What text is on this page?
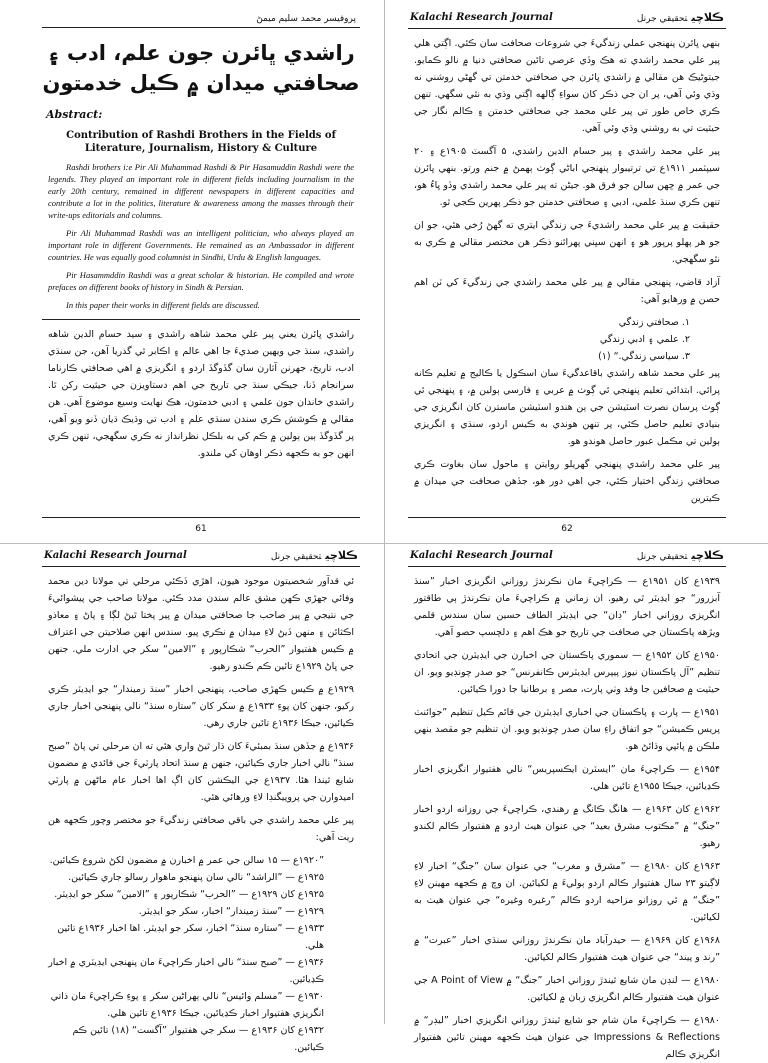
پروفيسر محمد سليم ميمڻ
راشدي ڀائرن جون علم، ادب ۽ صحافتي ميدان ۾ ڪيل خدمتون
Abstract:
Contribution of Rashdi Brothers in the Fields of Literature, Journalism, History & Culture
Rashdi brothers i:e Pir Ali Muhammad Rashdi & Pir Hasamuddin Rashdi were the legends. They played an important role in different fields including journalism in the early 20th century, remained in different newspapers in different capacities and contribute a lot in the politics, literature & awareness among the masses through their write-ups editorials and columns.
Pir Ali Muhammad Rashdi was an intelligent politician, who always played an important role in different Governments. He remained as an Ambassador in different countries. He was equally good columnist in Sindhi, Urdu & English languages.
Pir Hasammddin Rashdi was a great scholar & historian. He compiled and wrote prefaces on different books of history in Sindh & Persian.
In this paper their works in different fields are discussed.

راشدي ڀائرن يعني پير علي محمد شاهه راشدي ۽ سيد حسام الدين شاهه راشدي، سنڌ جي ويهين صديءَ جا اهي عالم ۽ اڪابر ٿي گذريا آهن، جن سنڌي ادب، تاريخ، جهرنن آثارن سان گڏوگڏ اردو ۽ انگريزي ۾ اهي صحافتي ڪارناما سرانجام ڏنا، جيڪي سنڌ جي تاريخ جي اهم دستاويزن جي حيثيت رکن ٿا. راشدي خاندان جون علمي ۽ ادبي خدمتون، هڪ نهايت وسيع موضوع آهي. هن مقالي ۾ ڪوشش ڪري سندن سنڌي علم ۽ ادب تي وڌيڪ ڌيان ڏنو ويو آهي، پر گڏوگڏ ٻين ٻولين ۾ ڪم کي به بلڪل نظرانداز نه ڪري سگهجي، تنهن ڪري انهن جو به ڪجهه ذڪر اوهان کي ملندو.

61
Kalachi Research Journal	ڪلاچيتحقيقي جرنل

بنهي ڀائرن پنهنجي عملي زندگيءَ جي شروعات صحافت سان ڪئي. اڳتي هلي پير علي محمد راشدي ته هڪ وڏي عرصي تائين صحافتي دنيا ۾ نالو ڪمايو. جيتوڻيڪ هن مقالي ۾ راشدي ڀائرن جي صحافتي خدمتن تي گهڻي روشني نه وڌي وئي آهي، پر ان جي ذڪر کان سواءِ ڳالهه اڳتي وڌي به نٿي سگهي. تنهن ڪري خاص طور تي پير علي محمد جي صحافتي خدمتن ۽ ڪالم نگار جي حيثيت تي به روشني وڌي وئي آهي.

پير علي محمد راشدي ۽ پير حسام الدين راشدي، ۵ آگسٽ ۱۹۰۵ع ۽ ۲۰ سيپٽمبر ۱۹۱۱ع تي ترتيبوار پنهنجي اباڻي ڳوٺ ٻهمڻ ۾ جنم ورتو. بنهي ڀائرن جي عمر ۾ ڇهن سالن جو فرق هو. جيڻن ته پير علي محمد راشدي وڏو ڀاءُ هو، تنهن ڪري سنڌ علمي، ادبي ۽ صحافتي خدمتن جو ذڪر پهرين ڪجي ٿو.

حقيقت ۾ پير علي محمد راشديءَ جي زندگي ايتري ته گهڻ رُخي هئي، جو ان جو هر پهلو پرپور هو ۽ انهن سڀني پهرائنو ذڪر هن مختصر مقالي ۾ ڪري به نٿو سگهجي.

آزاد قاضي، پنهنجي مقالي ۾ پير علي محمد راشدي جي زندگيءَ کي ٽن اهم حصن ۾ ورهايو آهي:

۱. صحافتي زندگي

۲. علمي ۽ ادبي زندگي

۳. سياسي زندگي.“ (۱)

پير علي محمد شاهه راشدي باقاعدگيءَ سان اسڪول يا ڪاليج ۾ تعليم ڪانه پرائي. ابتدائي تعليم پنهنجي ئي ڳوٺ ۾ عربي ۽ فارسي ٻولين ۾، ۽ پنهنجي ئي ڳوٺ پرسان نصرت اسٽيشن جي ٻن هندو اسٽيشن ماسترن کان انگريزي جي بنيادي تعليم حاصل ڪئي، پر تنهن هوندي به ڪيس اردو، سنڌي ۽ انگريزي ٻولين تي مڪمل عبور حاصل هوندو هو.

پير علي محمد راشدي پنهنجي گهريلو روايتن ۽ ماحول سان بغاوت ڪري صحافتي زندگي اختيار ڪئي، جي اهي دور هو، جڏهن صحافت جي ميدان ۾ ڪيترين

62
Kalachi Research Journal	ڪلاچيتحقيقي جرنل

ئي قدآور شخصيتون موجود هيون، اهڙي ڏڪئي مرحلي تي مولانا دين محمد وفائي جهڙي ڪهن مشق عالم سندن مدد ڪئي. مولانا صاحب جي پيشوائيءَ جي نتيجي ۾ پير صاحب جا صحافتي ميدان ۾ پير پختا ٿيڻ لڳا ۽ پاڻ ۽ معاذو اڪثائن ۽ منهن ڏيڻ لاءِ ميدان ۾ نڪري پيو. سندس انهن صلاحيتن جي اعتراف ۾ ڪيس هفتيوار ”الحرب“ شڪارپور ۽ ”الامين“ سکر جي ادارت ملي. جنهن جي ڀاڻ ۱۹۲۹ع تائين ڪم ڪندو رهيو.

۱۹۲۹ع ۾ ڪيس ڪهڙي صاحب، پنهنجي اخبار ”سنڌ زميندار“ جو ايڊيٽر ڪري رکيو، جنهن کان پوءِ ۱۹۳۳ع ۾ سکر کان ”ستاره سنڌ“ نالي پنهنجي اخبار جاري ڪيائين، جيڪا ۱۹۳۶ع تائين جاري رهي.

۱۹۳۶ع ۾ جڏهن سنڌ بمبئيءَ کان ڌار ٿيڻ واري هئي ته ان مرحلي تي پاڻ ”صبح سنڌ“ نالي اخبار جاري ڪيائين، جنهن ۾ سنڌ اتحاد پارٽيءَ جي فائدي ۾ مضمون شايع ٿيندا هئا. ۱۹۳۷ع جي اليڪشن کان اڳ اها اخبار عام ماڻهن ۾ پارٽي اميدوارن جي پروپيگنڊا لاءِ ورهائي هئي.

پير علي محمد راشدي جي باقي صحافتي زندگيءَ جو مختصر وچور ڪجهه هن ريت آهي:

”۱۹۲۰ع — ۱۵ سالن جي عمر ۾ اخبارن ۾ مضمون لکڻ شروع ڪيائين.

۱۹۲۵ع — ”الراشد“ نالي سان پنهنجو ماهوار رسالو جاري ڪيائين.

۱۹۲۵ع کان ۱۹۲۹ع — ”الحرب“ شڪارپور ۽ ”الامين“ سکر جو ايڊيٽر.

۱۹۲۹ع — ”سنڌ زميندار“ اخبار، سکر جو ايڊيٽر.

۱۹۳۳ع — ”ستاره سنڌ“ اخبار، سکر جو ايڊيٽر. اها اخبار ۱۹۳۶ع تائين هلي.

۱۹۳۶ع — ”صبح سنڌ“ نالي اخبار ڪراچيءَ مان پنهنجي ايڊيٽري ۾ اخبار ڪڍيائين.

۱۹۳۰ع — ”مسلم وائيس“ نالي ٻهراڻين سکر ۽ پوءِ ڪراچيءَ مان ذاتي انگريزي هفتيوار اخبار ڪڍيائين، جيڪا ۱۹۳۶ع تائين هلي.

۱۹۳۲ع کان ۱۹۳۶ع — سکر جي هفتيوار ”آگست“ (۱۸) تائين ڪم ڪيائين.

Kalachi Research Journal	ڪلاچيتحقيقي جرنل

۱۹۳۹ع کان ۱۹۵۱ع — ڪراچيءَ مان نڪرندڙ روزاني انگريزي اخبار ”سنڌ آبزرور“ جو ايڊيٽر ٿي رهيو. ان زماني ۾ ڪراچيءَ مان نڪرندڙ ٻي طاقتور انگريزي روزاني اخبار ”ڊان“ جي ايڊيٽر الطاف حسين سان سندس قلمي ويڙهه پاڪستان جي صحافت جي تاريخ جو هڪ اهم ۽ دلچسپ حصو آهي.

۱۹۵۰ع کان ۱۹۵۲ع — سموري پاڪستان جي اخبارن جي ايڊيٽرن جي اتحادي تنظيم ”آل پاڪستان نيوز پيپرس ايڊيٽرس ڪانفرنس“ جو صدر چونڊيو ويو. ان حيثيت ۾ صحافين جا وفد وٺي پارت، مصر ۽ برطانيا جا دورا ڪيائين.

۱۹۵۱ع — پارت ۽ پاڪستان جي اخباري ايڊيٽرن جي قائم ڪيل تنظيم ”جوائنٽ پريس ڪميشن“ جو اتفاق راءِ سان صدر چونڊيو ويو. ان تنظيم جو مقصد بنهي ملڪن ۾ پائپي وڌائڻ هو.

۱۹۵۴ع — ڪراچيءَ مان ”ايسٽرن ايڪسپريس“ نالي هفتيوار انگريزي اخبار ڪڍيائين، جيڪا ۱۹۵۵ع تائين هلي.

۱۹۶۲ع کان ۱۹۶۳ع — هانگ ڪانگ ۾ رهندي، ڪراچيءَ جي روزانه اردو اخبار ”جنگ“ ۾ ”مڪتوب مشرق بعيد“ جي عنوان هيٺ اردو ۾ هفتيوار ڪالم لکندو رهيو.

۱۹۶۳ع کان ۱۹۸۰ع — ”مشرق و مغرب“ جي عنوان سان ”جنگ“ اخبار لاءِ لاڳيتو ۲۳ سال هفتيوار ڪالم اردو ٻوليءَ ۾ لکيائين. ان وچ ۾ ڪجهه مهينن لاءِ ”جنگ“ ۾ ئي روزانو مزاحيه اردو ڪالم ”رغيره وغيره“ جي عنوان هيٺ به لکيائين.

۱۹۶۸ع کان ۱۹۶۹ع — حيدرآباد مان نڪرندڙ روزاني سنڌي اخبار ”عبرت“ ۾ ”رند و پيند“ جي عنوان هيٺ هفتيوار ڪالم لکيائين.

۱۹۸۰ع — لنڊن مان شايع ٿيندڙ روزاني اخبار ”جنگ“ ۾ A Point of View جي عنوان هيٺ هفتيوار ڪالم انگريزي زبان ۾ لکيائين.

۱۹۸۰ع — ڪراچيءَ مان شام جو شايع ٿيندڙ روزاني انگريزي اخبار ”ليڊر“ ۾ Impressions & Reflections جي عنوان هيٺ ڪجهه مهينن تائين هفتيوار انگريزي ڪالم
